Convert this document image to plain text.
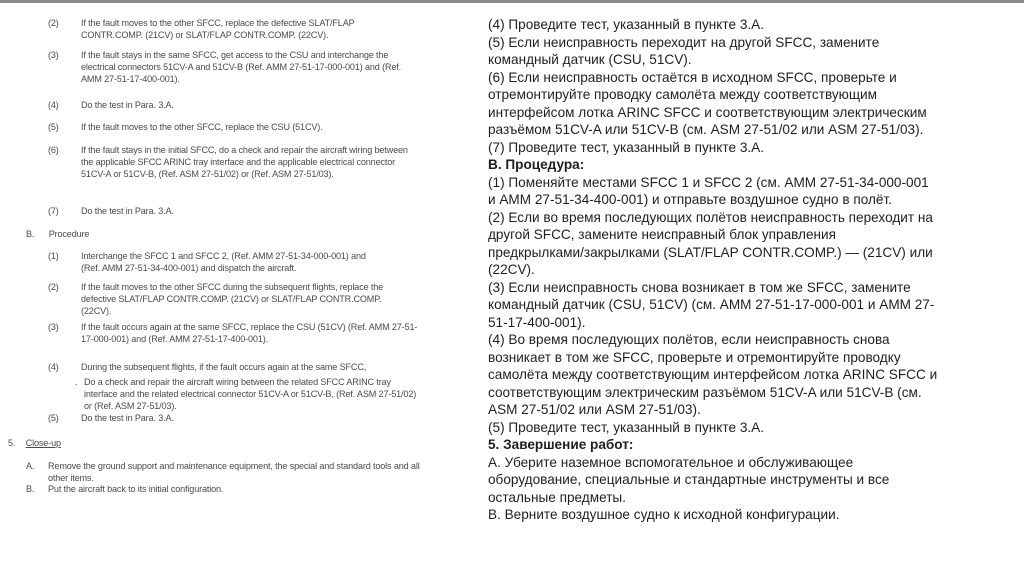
(2) If the fault moves to the other SFCC, replace the defective SLAT/FLAP CONTR.COMP. (21CV) or SLAT/FLAP CONTR.COMP. (22CV).
(3) If the fault stays in the same SFCC, get access to the CSU and interchange the electrical connectors 51CV-A and 51CV-B (Ref. AMM 27-51-17-000-001) and (Ref. AMM 27-51-17-400-001).
(4) Do the test in Para. 3.A.
(5) If the fault moves to the other SFCC, replace the CSU (51CV).
(6) If the fault stays in the initial SFCC, do a check and repair the aircraft wiring between the applicable SFCC ARINC tray interface and the applicable electrical connector 51CV-A or 51CV-B, (Ref. ASM 27-51/02) or (Ref. ASM 27-51/03).
(7) Do the test in Para. 3.A.
B. Procedure
(1) Interchange the SFCC 1 and SFCC 2, (Ref. AMM 27-51-34-000-001) and (Ref. AMM 27-51-34-400-001) and dispatch the aircraft.
(2) If the fault moves to the other SFCC during the subsequent flights, replace the defective SLAT/FLAP CONTR.COMP. (21CV) or SLAT/FLAP CONTR.COMP. (22CV).
(3) If the fault occurs again at the same SFCC, replace the CSU (51CV) (Ref. AMM 27-51-17-000-001) and (Ref. AMM 27-51-17-400-001).
(4) During the subsequent flights, if the fault occurs again at the same SFCC,
. Do a check and repair the aircraft wiring between the related SFCC ARINC tray interface and the related electrical connector 51CV-A or 51CV-B, (Ref. ASM 27-51/02) or (Ref. ASM 27-51/03).
(5) Do the test in Para. 3.A.
5. Close-up
A. Remove the ground support and maintenance equipment, the special and standard tools and all other items.
B. Put the aircraft back to its initial configuration.
(4) Проведите тест, указанный в пункте 3.А.
(5) Если неисправность переходит на другой SFCC, замените
командный датчик (CSU, 51CV).
(6) Если неисправность остаётся в исходном SFCC, проверьте и
отремонтируйте проводку самолёта между соответствующим
интерфейсом лотка ARINC SFCC и соответствующим электрическим
разъёмом 51CV-A или 51CV-B (см. ASM 27-51/02 или ASM 27-51/03).
(7) Проведите тест, указанный в пункте 3.А.
В. Процедура:
(1) Поменяйте местами SFCC 1 и SFCC 2 (см. AMM 27-51-34-000-001
и AMM 27-51-34-400-001) и отправьте воздушное судно в полёт.
(2) Если во время последующих полётов неисправность переходит на
другой SFCC, замените неисправный блок управления
предкрылками/закрылками (SLAT/FLAP CONTR.COMP.) — (21CV) или
(22CV).
(3) Если неисправность снова возникает в том же SFCC, замените
командный датчик (CSU, 51CV) (см. AMM 27-51-17-000-001 и AMM 27-
51-17-400-001).
(4) Во время последующих полётов, если неисправность снова
возникает в том же SFCC, проверьте и отремонтируйте проводку
самолёта между соответствующим интерфейсом лотка ARINC SFCC и
соответствующим электрическим разъёмом 51CV-A или 51CV-B (см.
ASM 27-51/02 или ASM 27-51/03).
(5) Проведите тест, указанный в пункте 3.А.
5. Завершение работ:
А. Уберите наземное вспомогательное и обслуживающее
оборудование, специальные и стандартные инструменты и все
остальные предметы.
В. Верните воздушное судно к исходной конфигурации.
